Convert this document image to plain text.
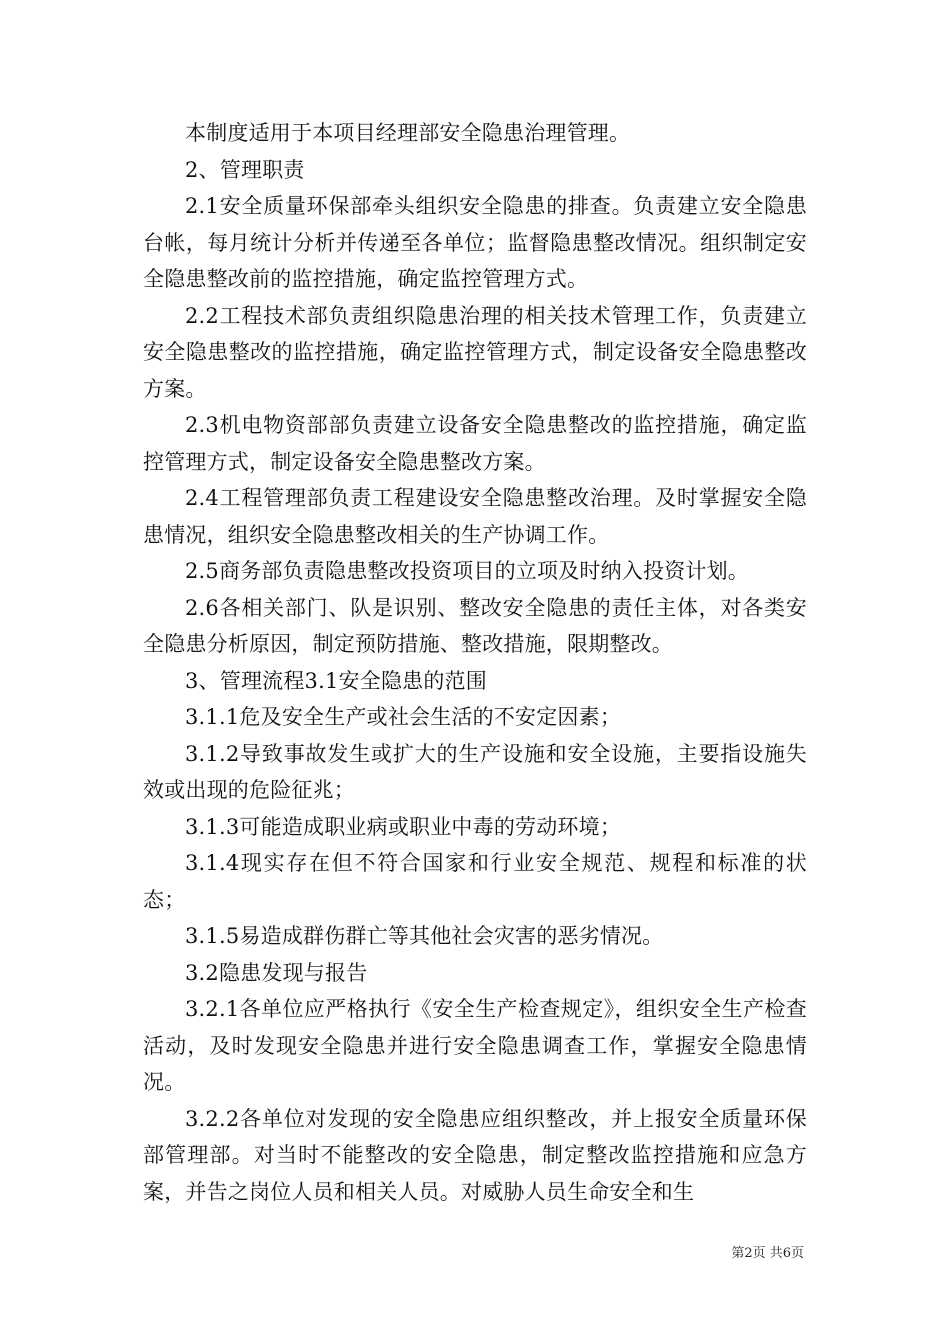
本制度适用于本项目经理部安全隐患治理管理。

2、管理职责

2.1安全质量环保部牵头组织安全隐患的排查。负责建立安全隐患台帐，每月统计分析并传递至各单位；监督隐患整改情况。组织制定安全隐患整改前的监控措施，确定监控管理方式。

2.2工程技术部负责组织隐患治理的相关技术管理工作，负责建立安全隐患整改的监控措施，确定监控管理方式，制定设备安全隐患整改方案。

2.3机电物资部部负责建立设备安全隐患整改的监控措施，确定监控管理方式，制定设备安全隐患整改方案。

2.4工程管理部负责工程建设安全隐患整改治理。及时掌握安全隐患情况，组织安全隐患整改相关的生产协调工作。

2.5商务部负责隐患整改投资项目的立项及时纳入投资计划。

2.6各相关部门、队是识别、整改安全隐患的责任主体，对各类安全隐患分析原因，制定预防措施、整改措施，限期整改。

3、管理流程3.1安全隐患的范围

3.1.1危及安全生产或社会生活的不安定因素；

3.1.2导致事故发生或扩大的生产设施和安全设施，主要指设施失效或出现的危险征兆；

3.1.3可能造成职业病或职业中毒的劳动环境；

3.1.4现实存在但不符合国家和行业安全规范、规程和标准的状态；

3.1.5易造成群伤群亡等其他社会灾害的恶劣情况。

3.2隐患发现与报告

3.2.1各单位应严格执行《安全生产检查规定》，组织安全生产检查活动，及时发现安全隐患并进行安全隐患调查工作，掌握安全隐患情况。

3.2.2各单位对发现的安全隐患应组织整改，并上报安全质量环保部管理部。对当时不能整改的安全隐患，制定整改监控措施和应急方案，并告之岗位人员和相关人员。对威胁人员生命安全和生

第2页 共6页
